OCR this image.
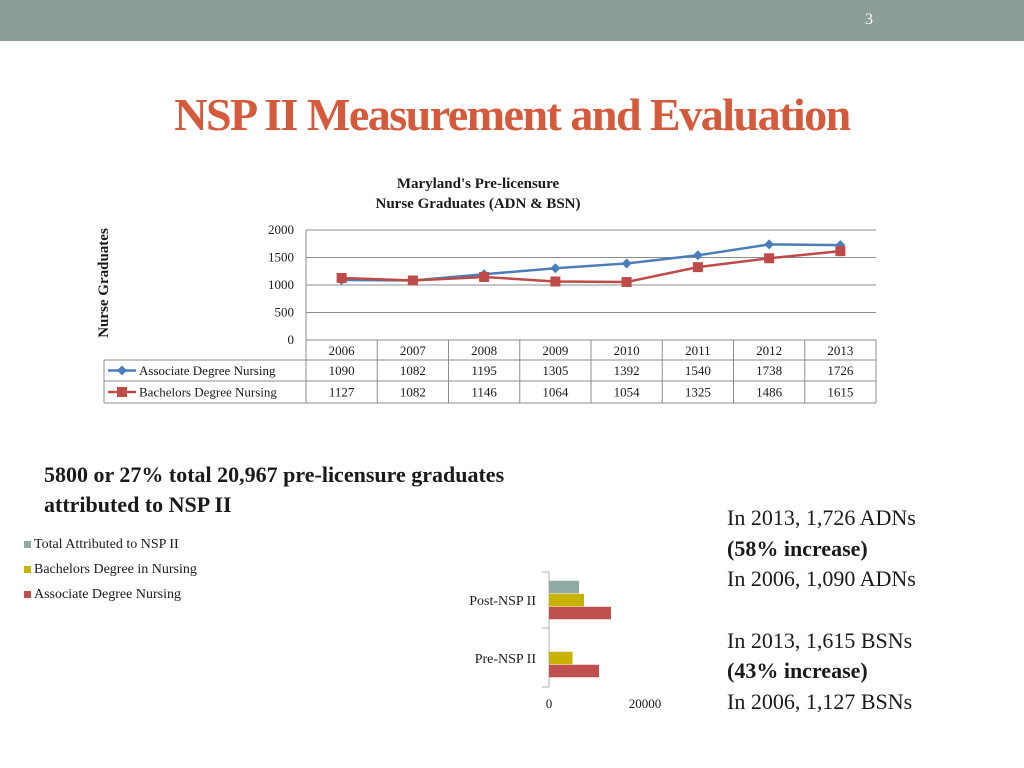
3
NSP II Measurement and Evaluation
Maryland's Pre-licensure
Nurse Graduates (ADN & BSN)
Nurse Graduates
0
500
1000
1500
2000
2006	2007	2008	2009	2010	2011	2012	2013
Associate Degree Nursing	1090	1082	1195	1305	1392	1540	1738	1726
Bachelors Degree Nursing	1127	1082	1146	1064	1054	1325	1486	1615
5800 or 27% total 20,967 pre-licensure graduates
attributed to NSP II
Total Attributed to NSP II
Bachelors Degree in Nursing
Associate Degree Nursing
0	20000
Pre-NSP II
Post-NSP II
In 2013, 1,726 ADNs
(58% increase)
In 2006, 1,090 ADNs
In 2013, 1,615 BSNs
(43% increase)
In 2006, 1,127 BSNs
